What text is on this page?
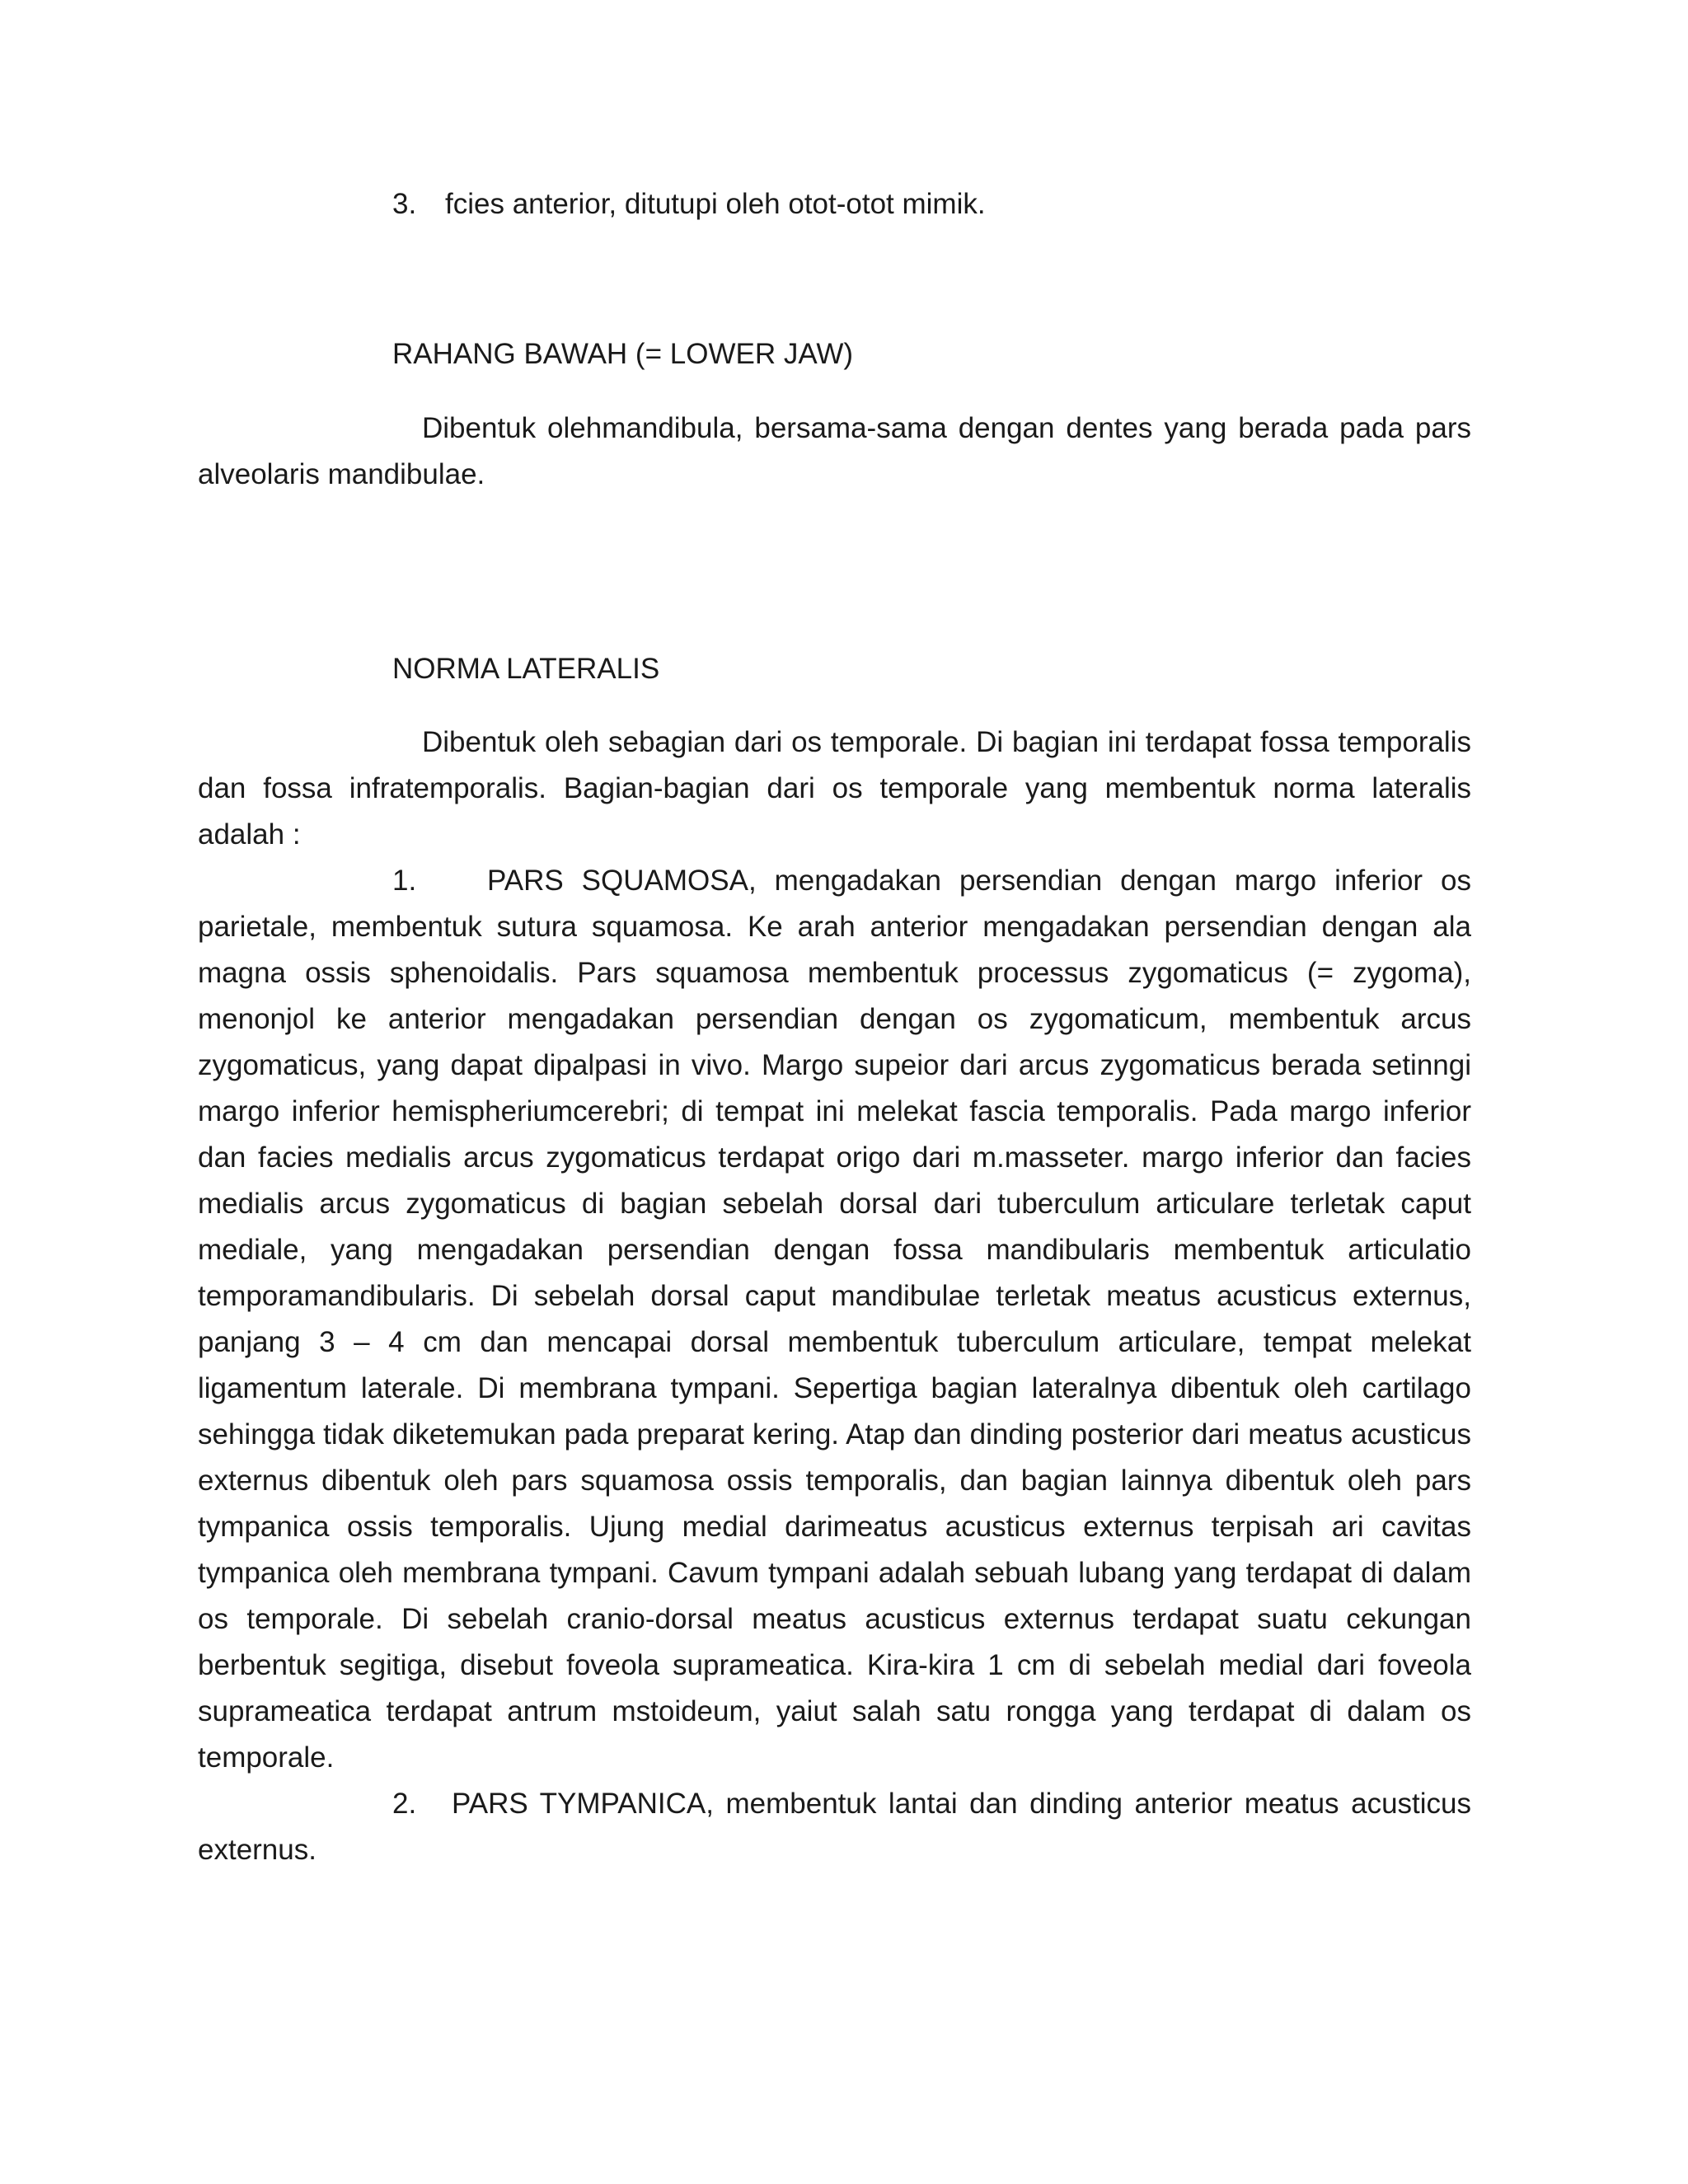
3. fcies anterior, ditutupi oleh otot-otot mimik.

RAHANG BAWAH (= LOWER JAW)

Dibentuk olehmandibula, bersama-sama dengan dentes yang berada pada pars alveolaris mandibulae.

NORMA LATERALIS

Dibentuk oleh sebagian dari os temporale. Di bagian ini terdapat fossa temporalis dan fossa infratemporalis. Bagian-bagian dari os temporale yang membentuk norma lateralis adalah :

1. PARS SQUAMOSA, mengadakan persendian dengan margo inferior os parietale, membentuk sutura squamosa. Ke arah anterior mengadakan persendian dengan ala magna ossis sphenoidalis. Pars squamosa membentuk processus zygomaticus (= zygoma), menonjol ke anterior mengadakan persendian dengan os zygomaticum, membentuk arcus zygomaticus, yang dapat dipalpasi in vivo. Margo supeior dari arcus zygomaticus berada setinngi margo inferior hemispheriumcerebri; di tempat ini melekat fascia temporalis. Pada margo inferior dan facies medialis arcus zygomaticus terdapat origo dari m.masseter. margo inferior dan facies medialis arcus zygomaticus di bagian sebelah dorsal dari tuberculum articulare terletak caput mediale, yang mengadakan persendian dengan fossa mandibularis membentuk articulatio temporamandibularis. Di sebelah dorsal caput mandibulae terletak meatus acusticus externus, panjang 3 – 4 cm dan mencapai dorsal membentuk tuberculum articulare, tempat melekat ligamentum laterale. Di membrana tympani. Sepertiga bagian lateralnya dibentuk oleh cartilago sehingga tidak diketemukan pada preparat kering. Atap dan dinding posterior dari meatus acusticus externus dibentuk oleh pars squamosa ossis temporalis, dan bagian lainnya dibentuk oleh pars tympanica ossis temporalis. Ujung medial darimeatus acusticus externus terpisah ari cavitas tympanica oleh membrana tympani. Cavum tympani adalah sebuah lubang yang terdapat di dalam os temporale. Di sebelah cranio-dorsal meatus acusticus externus terdapat suatu cekungan berbentuk segitiga, disebut foveola suprameatica. Kira-kira 1 cm di sebelah medial dari foveola suprameatica terdapat antrum mstoideum, yaiut salah satu rongga yang terdapat di dalam os temporale.

2. PARS TYMPANICA, membentuk lantai dan dinding anterior meatus acusticus externus.
